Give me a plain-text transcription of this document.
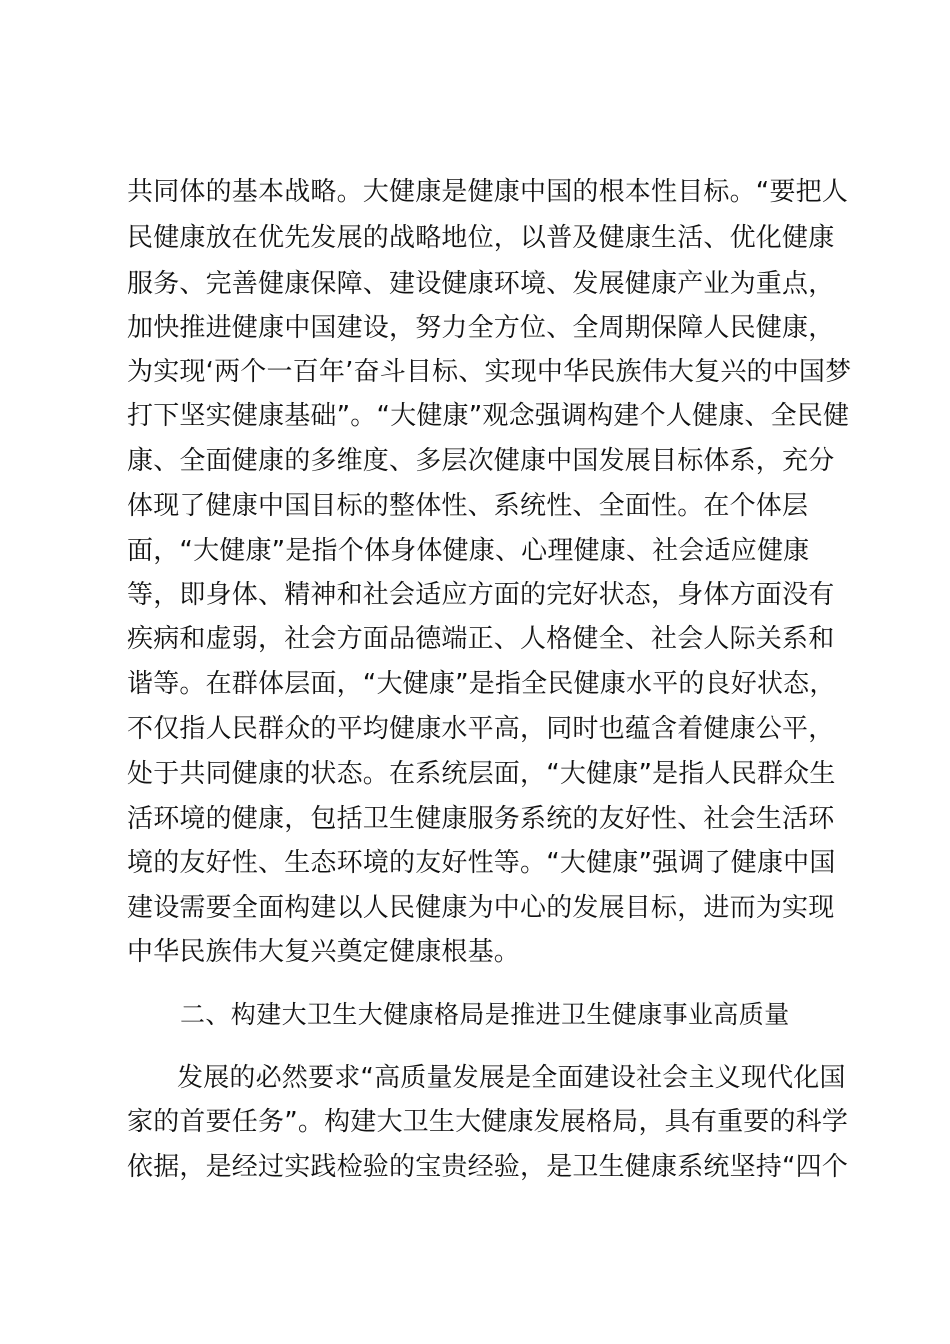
共同体的基本战略。大健康是健康中国的根本性目标。“要把人
民健康放在优先发展的战略地位，以普及健康生活、优化健康
服务、完善健康保障、建设健康环境、发展健康产业为重点，
加快推进健康中国建设，努力全方位、全周期保障人民健康，
为实现‘两个一百年’奋斗目标、实现中华民族伟大复兴的中国梦
打下坚实健康基础”。“大健康”观念强调构建个人健康、全民健
康、全面健康的多维度、多层次健康中国发展目标体系，充分
体现了健康中国目标的整体性、系统性、全面性。在个体层
面，“大健康”是指个体身体健康、心理健康、社会适应健康
等，即身体、精神和社会适应方面的完好状态，身体方面没有
疾病和虚弱，社会方面品德端正、人格健全、社会人际关系和
谐等。在群体层面，“大健康”是指全民健康水平的良好状态，
不仅指人民群众的平均健康水平高，同时也蕴含着健康公平，
处于共同健康的状态。在系统层面，“大健康”是指人民群众生
活环境的健康，包括卫生健康服务系统的友好性、社会生活环
境的友好性、生态环境的友好性等。“大健康”强调了健康中国
建设需要全面构建以人民健康为中心的发展目标，进而为实现
中华民族伟大复兴奠定健康根基。
二、构建大卫生大健康格局是推进卫生健康事业高质量
发展的必然要求“高质量发展是全面建设社会主义现代化国
家的首要任务”。构建大卫生大健康发展格局，具有重要的科学
依据，是经过实践检验的宝贵经验，是卫生健康系统坚持“四个
